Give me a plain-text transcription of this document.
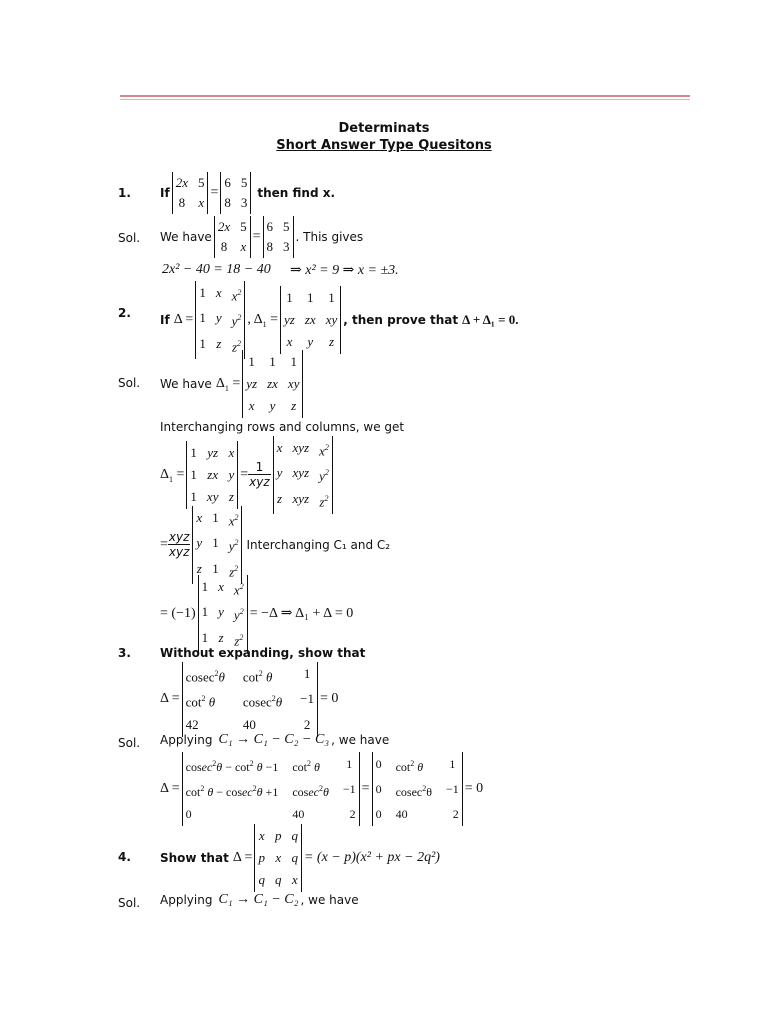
Determinats
Short Answer Type Quesitons
1. If
2x 5
8 x
=
6 5
8 3
then find x.
Sol. We have
2x 5
8 x
=
6 5
8 3
. This gives
2x² − 40 = 18 − 40 ⇒ x² = 9 ⇒ x = ±3.
2. If Δ =
1 x $x^2$
1 y $y^2$
1 z $z^2$
, $\Delta_1$ =
1 1 1
yz zx xy
x y z
, then prove that Δ + Δ₁ = 0.
Sol. We have $\Delta_1$ =
1 1 1
yz zx xy
x y z
Interchanging rows and columns, we get
$\Delta_1$ =
1 yz x
1 zx y
1 xy z
= $\frac{1}{\text{xyz}}$
x xyz $x^2$
y xyz $y^2$
z xyz $z^2$
= $\frac{\text{xyz}}{\text{xyz}}$
x 1 $x^2$
y 1 $y^2$
z 1 $z^2$
Interchanging C₁ and C₂
= (−1)
1 x $x^2$
1 y $y^2$
1 z $z^2$
= −Δ ⇒ Δ₁ + Δ = 0
3. Without expanding, show that
Δ =
cosec$^2$θ $\cot^2 \theta$	1
$\cot^2 \theta$	cosec$^2$θ −1
42	40	2
= 0
Sol. Applying C₁ → C₁ − C₂ − C₃ , we have
Δ =
$cosec^2\theta - \cot^2 \theta -1$ $\cot^2 \theta$	1
$\cot^2 \theta - cosec^2\theta +1$ cosec$^2$θ −1
0	40	2
=
0 $\cot^2 \theta$	1
0 cosec$^2$θ −1
0 40	2
= 0
4. Show that Δ =
x p q
p x q
q q x
= (x − p)(x² + px − 2q²)
Sol. Applying C₁ → C₁ − C₂ , we have
